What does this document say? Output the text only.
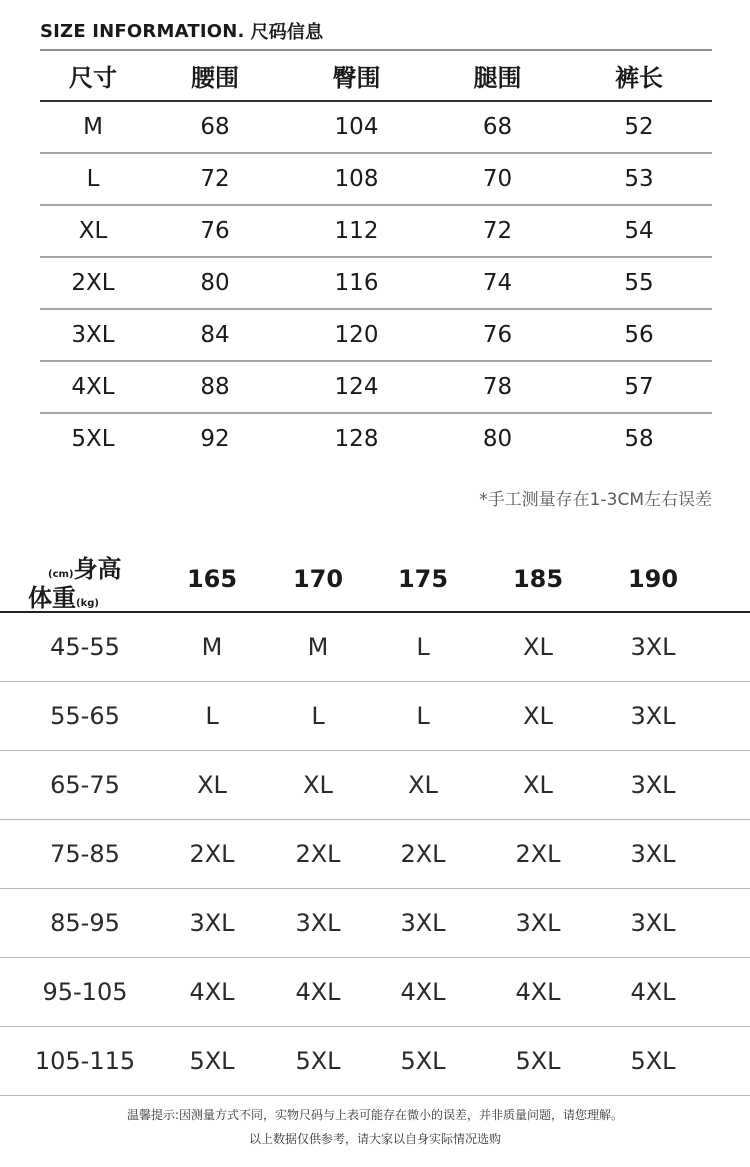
SIZE INFORMATION. 尺码信息
尺寸	腰围	臀围	腿围	裤长
M	68	104	68	52
L	72	108	70	53
XL	76	112	72	54
2XL	80	116	74	55
3XL	84	120	76	56
4XL	88	124	78	57
5XL	92	128	80	58
*手工测量存在1-3CM左右误差
(cm)身高
体重(kg)
165	170	175	185	190
45-55	M	M	L	XL	3XL
55-65	L	L	L	XL	3XL
65-75	XL	XL	XL	XL	3XL
75-85	2XL	2XL	2XL	2XL	3XL
85-95	3XL	3XL	3XL	3XL	3XL
95-105	4XL	4XL	4XL	4XL	4XL
105-115	5XL	5XL	5XL	5XL	5XL
温馨提示:因测量方式不同，实物尺码与上表可能存在微小的误差，并非质量问题，请您理解。
以上数据仅供参考，请大家以自身实际情况选购
